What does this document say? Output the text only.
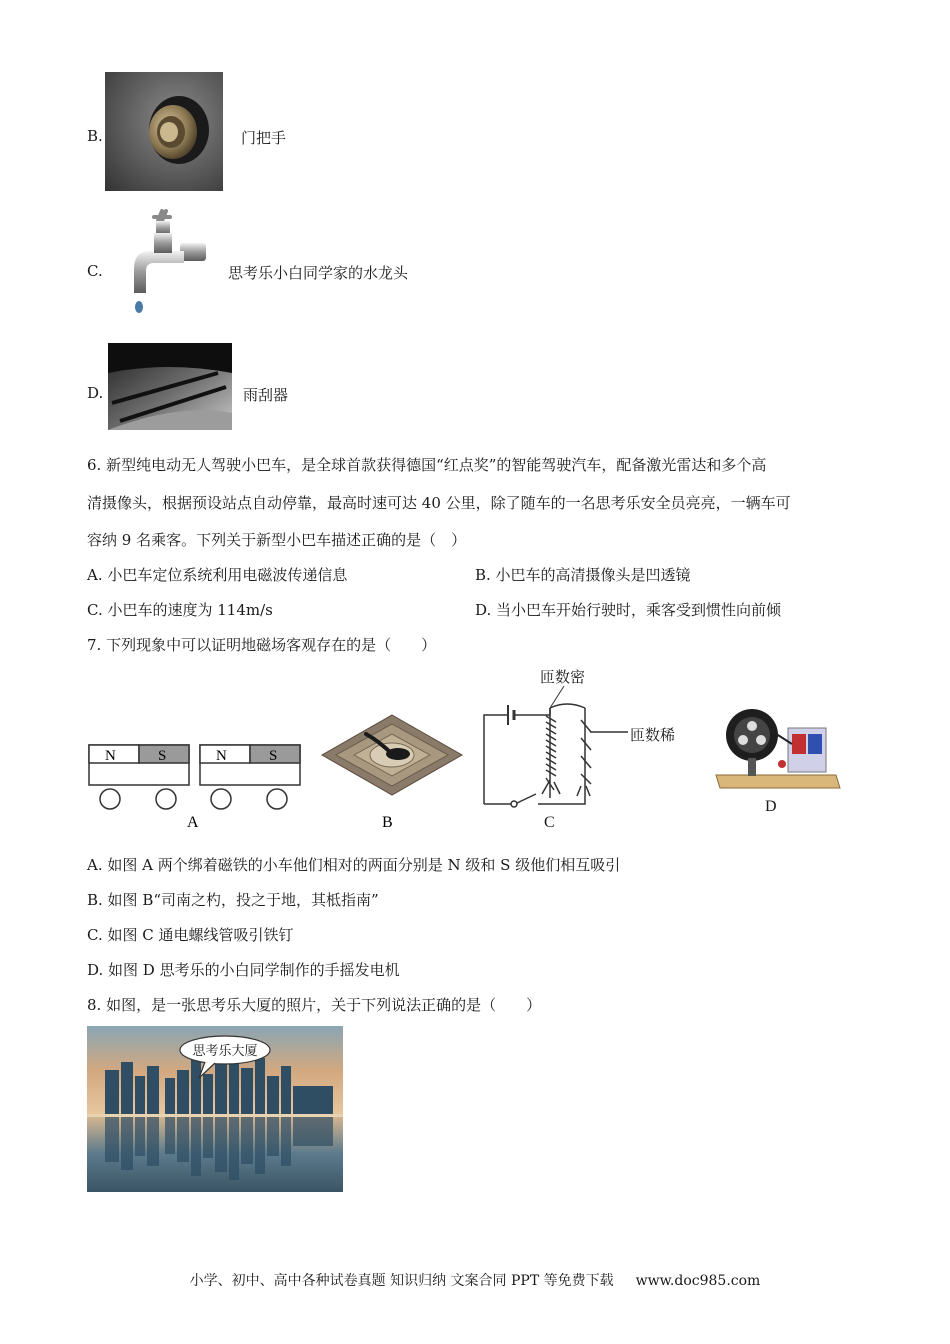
B.	门把手
C.	思考乐小白同学家的水龙头
D.	雨刮器
6. 新型纯电动无人驾驶小巴车，是全球首款获得德国“红点奖”的智能驾驶汽车，配备激光雷达和多个高
清摄像头，根据预设站点自动停靠，最高时速可达 40 公里，除了随车的一名思考乐安全员亮亮，一辆车可
容纳 9 名乘客。下列关于新型小巴车描述正确的是（　）
A. 小巴车定位系统利用电磁波传递信息	B. 小巴车的高清摄像头是凹透镜
C. 小巴车的速度为 114m/s	D. 当小巴车开始行驶时，乘客受到惯性向前倾
7. 下列现象中可以证明地磁场客观存在的是（　　）
N	S	N	S
A	B
匝数密
匝数稀
C
D
A. 如图 A 两个绑着磁铁的小车他们相对的两面分别是 N 级和 S 级他们相互吸引
B. 如图 B“司南之杓，投之于地，其柢指南”
C. 如图 C 通电螺线管吸引铁钉
D. 如图 D 思考乐的小白同学制作的手摇发电机
8. 如图，是一张思考乐大厦的照片，关于下列说法正确的是（　　）
思考乐大厦
小学、初中、高中各种试卷真题 知识归纳 文案合同 PPT 等免费下载 www.doc985.com
